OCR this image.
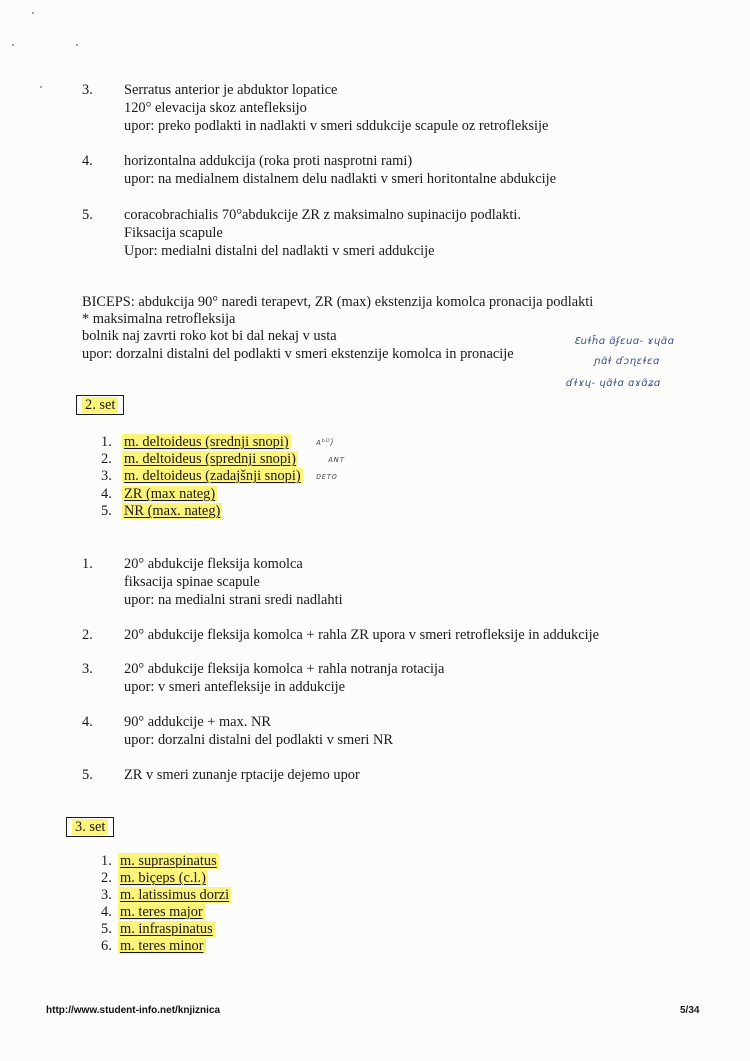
3. Serratus anterior je abduktor lopatice
120° elevacija skoz antefleksijo
upor: preko podlakti in nadlakti v smeri sddukcije scapule oz retrofleksije
4. horizontalna addukcija (roka proti nasprotni rami)
upor: na medialnem distalnem delu nadlakti v smeri horitontalne abdukcije
5. coracobrachialis 70°abdukcije ZR z maksimalno supinacijo podlakti.
Fiksacija scapule
Upor: medialni distalni del nadlakti v smeri addukcije
BICEPS: abdukcija 90° naredi terapevt, ZR (max) ekstenzija komolca pronacija podlakti
* maksimalna retrofleksija
bolnik naj zavrti roko kot bi dal nekaj v usta
upor: dorzalni distalni del podlakti v smeri ekstenzije komolca in pronacije
Ɛuɫh̃ɑ ɑ̃ʄɛuɑ- ɤɥɑ̃ɑ
ɲɑ̃ɫ ɗɔɳɛɫɛɑ
ɗɫɤɥ- ɥɑ̃ɫɑ ɑɤɑ̃ʑɑ
2. set
1. m. deltoideus (srednji snopi)	ᴀᵇᴰ)
2. m. deltoideus (sprednji snopi)	ᴀɴᴛ
3. m. deltoideus (zadajšnji snopi) ᴅᴇᴛᴏ
4. ZR (max nateg)
5. NR (max. nateg)
1. 20° abdukcije fleksija komolca
fiksacija spinae scapule
upor: na medialni strani sredi nadlahti
2. 20° abdukcije fleksija komolca + rahla ZR upora v smeri retrofleksije in addukcije
3. 20° abdukcije fleksija komolca + rahla notranja rotacija
upor: v smeri antefleksije in addukcije
4. 90° addukcije + max. NR
upor: dorzalni distalni del podlakti v smeri NR
5. ZR v smeri zunanje rptacije dejemo upor
3. set
1. m. supraspinatus
2. m. biçeps (c.l.)
3. m. latissimus dorzi
4. m. teres major
5. m. infraspinatus
6. m. teres minor
http://www.student-info.net/knjiznica	5/34
